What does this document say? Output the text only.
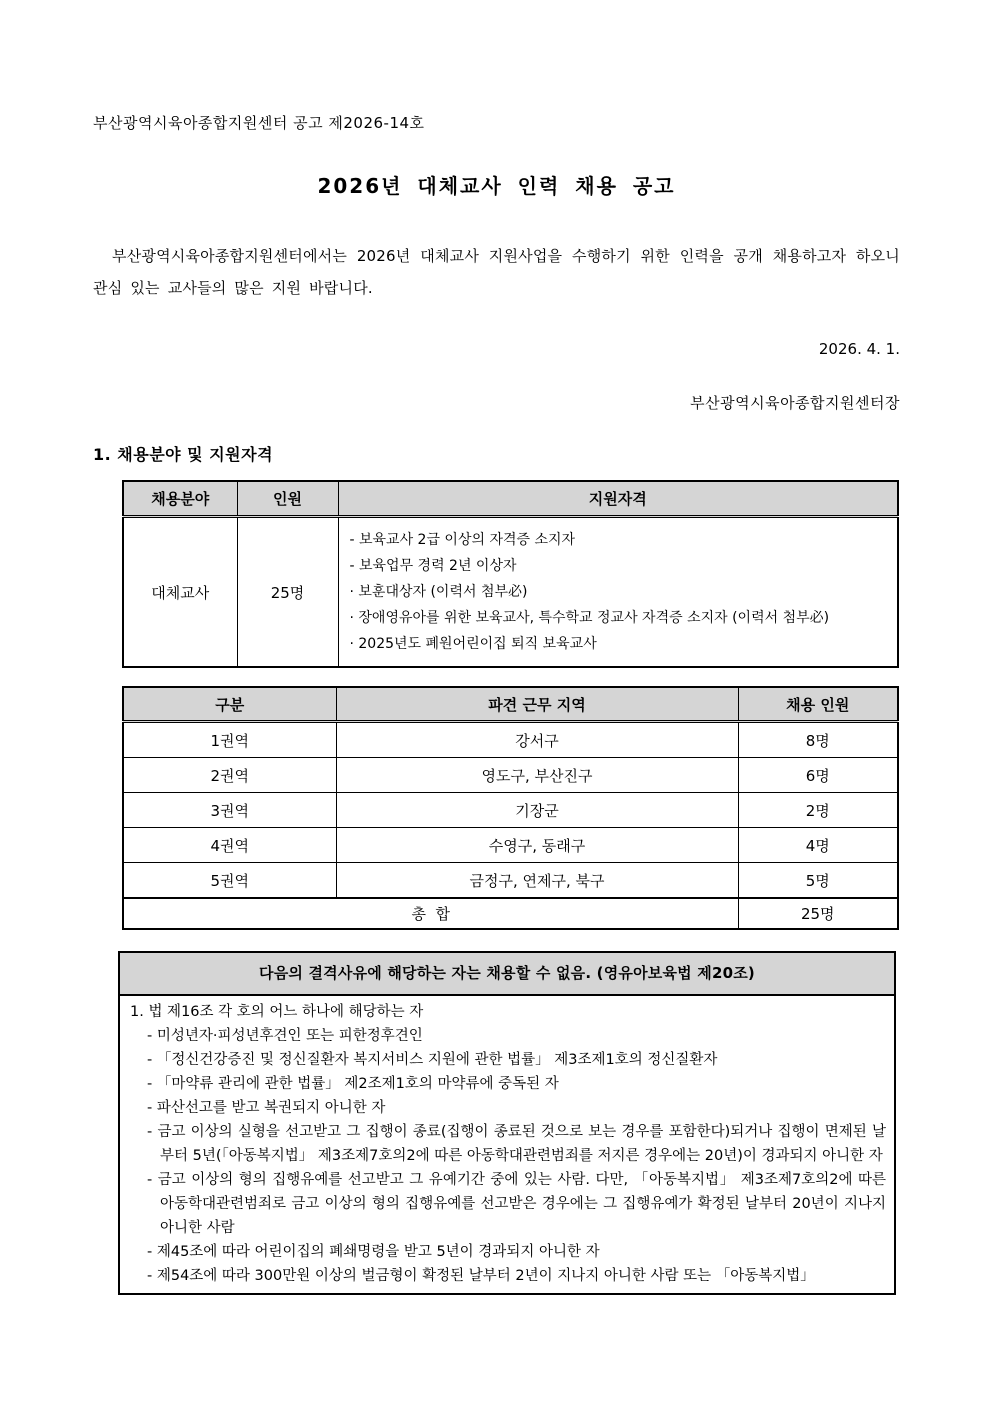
부산광역시육아종합지원센터 공고 제2026-14호
2026년 대체교사 인력 채용 공고

부산광역시육아종합지원센터에서는 2026년 대체교사 지원사업을 수행하기 위한 인력을 공개 채용하고자 하오니 관심 있는 교사들의 많은 지원 바랍니다.

2026. 4. 1.
부산광역시육아종합지원센터장
1. 채용분야 및 지원자격
채용분야	인원	지원자격
대체교사	25명	- 보육교사 2급 이상의 자격증 소지자
- 보육업무 경력 2년 이상자
· 보훈대상자 (이력서 첨부必)
· 장애영유아를 위한 보육교사, 특수학교 정교사 자격증 소지자 (이력서 첨부必)
· 2025년도 폐원어린이집 퇴직 보육교사
구분	파견 근무 지역	채용 인원
1권역	강서구	8명
2권역	영도구, 부산진구	6명
3권역	기장군	2명
4권역	수영구, 동래구	4명
5권역	금정구, 연제구, 북구	5명
총  합		25명
다음의 결격사유에 해당하는 자는 채용할 수 없음. (영유아보육법 제20조)
1. 법 제16조 각 호의 어느 하나에 해당하는 자
- 미성년자·피성년후견인 또는 피한정후견인
- 「정신건강증진 및 정신질환자 복지서비스 지원에 관한 법률」 제3조제1호의 정신질환자
- 「마약류 관리에 관한 법률」 제2조제1호의 마약류에 중독된 자
- 파산선고를 받고 복권되지 아니한 자
- 금고 이상의 실형을 선고받고 그 집행이 종료(집행이 종료된 것으로 보는 경우를 포함한다)되거나 집행이 면제된 날부터 5년(「아동복지법」 제3조제7호의2에 따른 아동학대관련범죄를 저지른 경우에는 20년)이 경과되지 아니한 자
- 금고 이상의 형의 집행유예를 선고받고 그 유예기간 중에 있는 사람. 다만, 「아동복지법」 제3조제7호의2에 따른 아동학대관련범죄로 금고 이상의 형의 집행유예를 선고받은 경우에는 그 집행유예가 확정된 날부터 20년이 지나지 아니한 사람
- 제45조에 따라 어린이집의 폐쇄명령을 받고 5년이 경과되지 아니한 자
- 제54조에 따라 300만원 이상의 벌금형이 확정된 날부터 2년이 지나지 아니한 사람 또는 「아동복지법」
